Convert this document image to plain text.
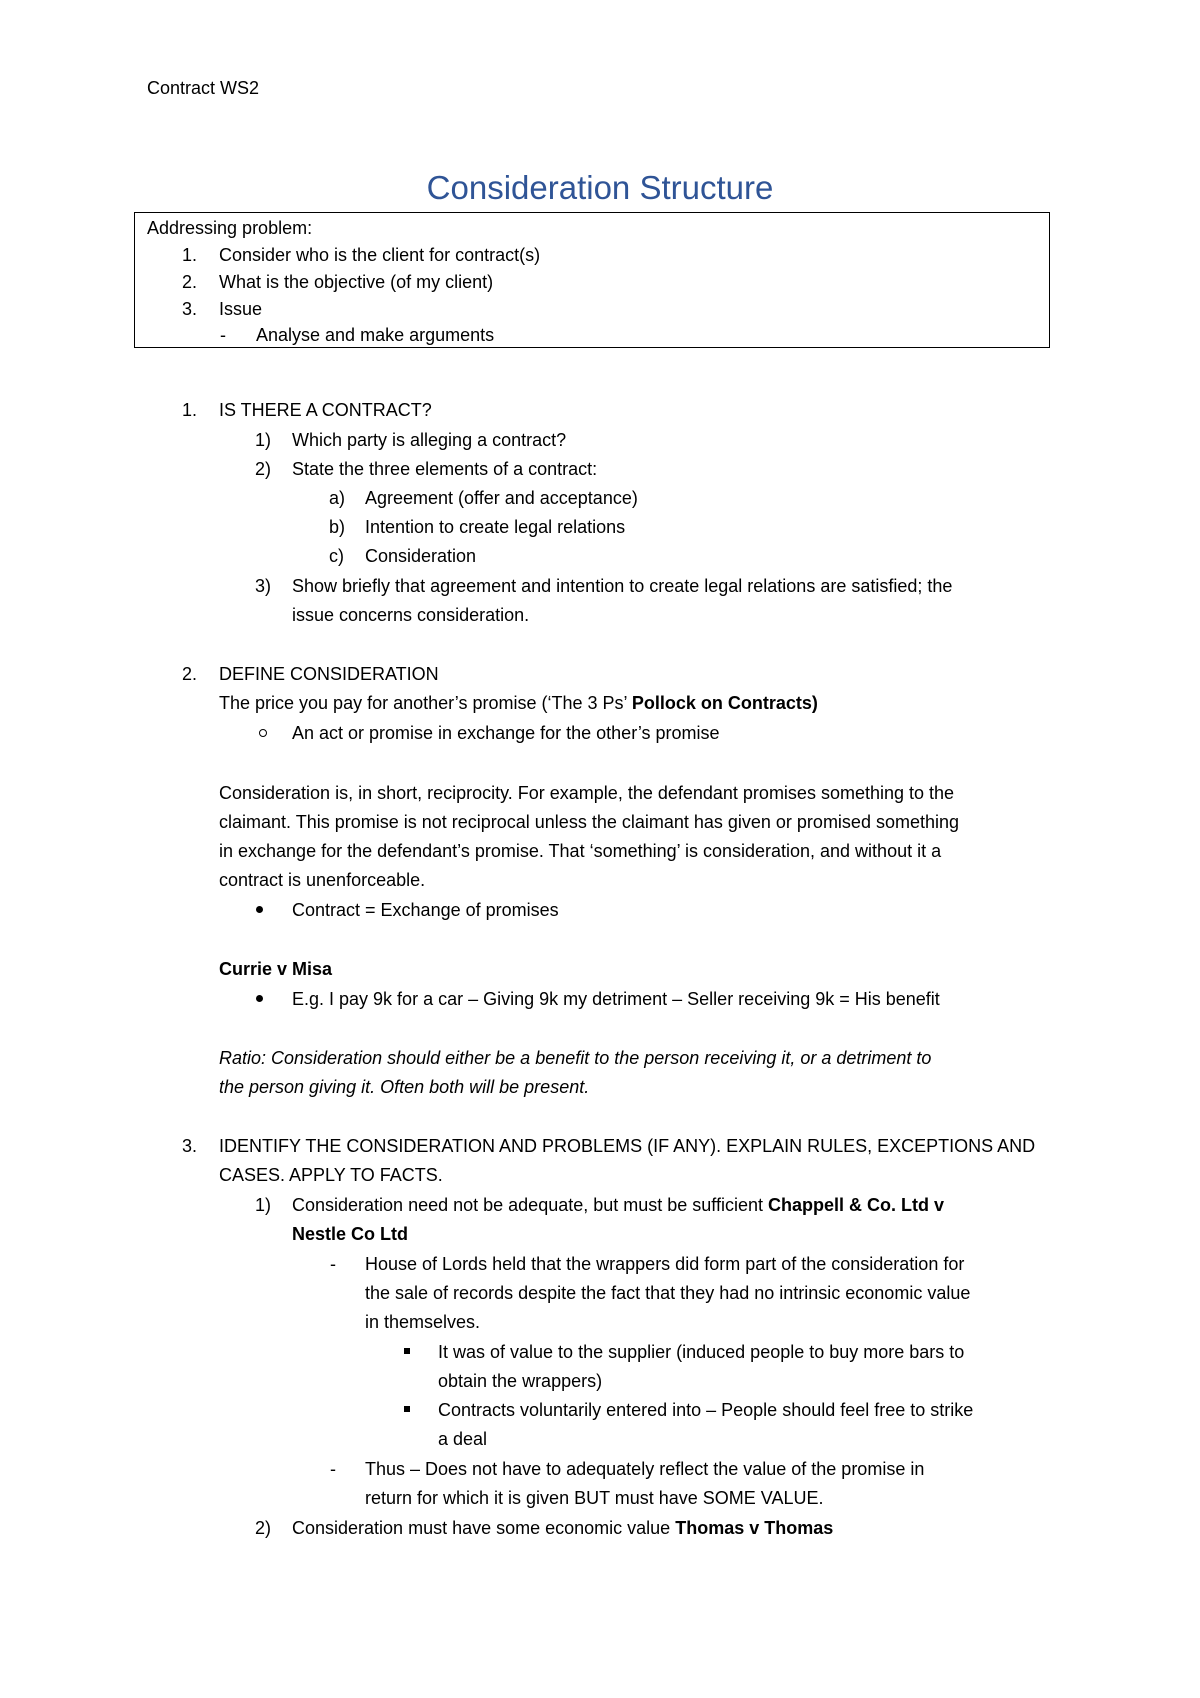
Contract WS2
Consideration Structure
Addressing problem:
1. Consider who is the client for contract(s)
2. What is the objective (of my client)
3. Issue
- Analyse and make arguments
1. IS THERE A CONTRACT?
1) Which party is alleging a contract?
2) State the three elements of a contract:
a) Agreement (offer and acceptance)
b) Intention to create legal relations
c) Consideration
3) Show briefly that agreement and intention to create legal relations are satisfied; the
issue concerns consideration.
2. DEFINE CONSIDERATION
The price you pay for another’s promise (‘The 3 Ps’ Pollock on Contracts)
An act or promise in exchange for the other’s promise
Consideration is, in short, reciprocity. For example, the defendant promises something to the
claimant. This promise is not reciprocal unless the claimant has given or promised something
in exchange for the defendant’s promise. That ‘something’ is consideration, and without it a
contract is unenforceable.
Contract = Exchange of promises
Currie v Misa
E.g. I pay 9k for a car – Giving 9k my detriment – Seller receiving 9k = His benefit
Ratio: Consideration should either be a benefit to the person receiving it, or a detriment to
the person giving it. Often both will be present.
3. IDENTIFY THE CONSIDERATION AND PROBLEMS (IF ANY). EXPLAIN RULES, EXCEPTIONS AND
CASES. APPLY TO FACTS.
1) Consideration need not be adequate, but must be sufficient Chappell & Co. Ltd v
Nestle Co Ltd
- House of Lords held that the wrappers did form part of the consideration for
the sale of records despite the fact that they had no intrinsic economic value
in themselves.
It was of value to the supplier (induced people to buy more bars to
obtain the wrappers)
Contracts voluntarily entered into – People should feel free to strike
a deal
- Thus – Does not have to adequately reflect the value of the promise in
return for which it is given BUT must have SOME VALUE.
2) Consideration must have some economic value Thomas v Thomas
